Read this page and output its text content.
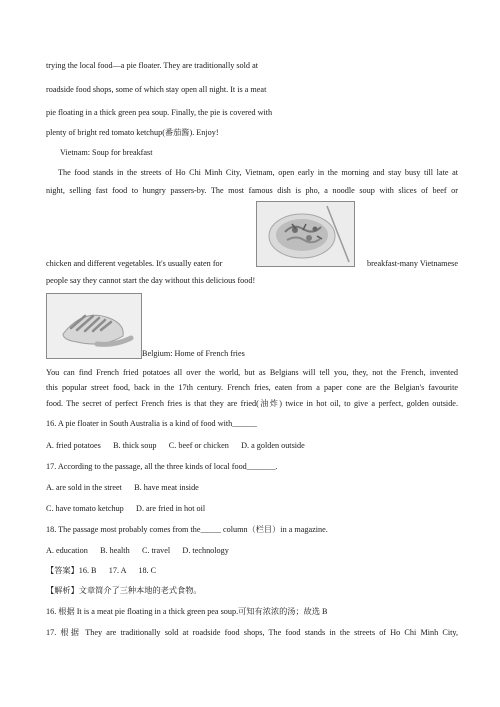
trying the local food—a pie floater. They are traditionally sold at
roadside food shops, some of which stay open all night. It is a meat
pie floating in a thick green pea soup. Finally, the pie is covered with
plenty of bright red tomato ketchup(番茄酱). Enjoy!
Vietnam: Soup for breakfast
The food stands in the streets of Ho Chi Minh City, Vietnam, open early in the morning and stay busy till late at
night, selling fast food to hungry passers-by. The most famous dish is pho, a noodle soup with slices of beef or
chicken and different vegetables. It's usually eaten for	breakfast-many Vietnamese
people say they cannot start the day without this delicious food!
Belgium: Home of French fries
You can find French fried potatoes all over the world, but as Belgians will tell you, they, not the French, invented
this popular street food, back in the 17th century. French fries, eaten from a paper cone are the Belgian's favourite
food. The secret of perfect French fries is that they are fried(油炸) twice in hot oil, to give a perfect, golden outside.
16. A pie floater in South Australia is a kind of food with______
A. fried potatoes      B. thick soup      C. beef or chicken      D. a golden outside
17. According to the passage, all the three kinds of local food_______.
A. are sold in the street      B. have meat inside
C. have tomato ketchup      D. are fried in hot oil
18. The passage most probably comes from the_____ column（栏目）in a magazine.
A. education      B. health      C. travel      D. technology
【答案】16. B      17. A      18. C
【解析】文章简介了三种本地的老式食物。
16. 根据 It is a meat pie floating in a thick green pea soup.可知有浓浓的汤；故选 B
17. 根据 They are traditionally sold at roadside food shops, The food stands in the streets of Ho Chi Minh City,
